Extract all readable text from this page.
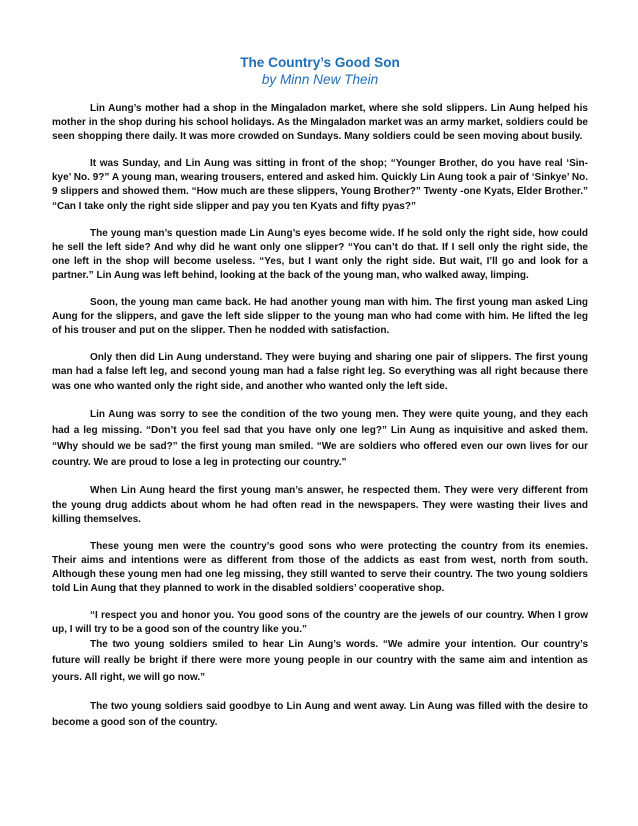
The Country’s Good Son
by Minn New Thein

Lin Aung’s mother had a shop in the Mingaladon market, where she sold slippers. Lin Aung helped his mother in the shop during his school holidays. As the Mingaladon market was an army market, soldiers could be seen shopping there daily. It was more crowded on Sundays. Many soldiers could be seen moving about busily.

It was Sunday, and Lin Aung was sitting in front of the shop; “Younger Brother, do you have real ‘Sin-kye’ No. 9?” A young man, wearing trousers, entered and asked him. Quickly Lin Aung took a pair of ‘Sinkye’ No. 9 slippers and showed them. “How much are these slippers, Young Brother?” Twenty -one Kyats, Elder Brother.” “Can I take only the right side slipper and pay you ten Kyats and fifty pyas?”

The young man’s question made Lin Aung’s eyes become wide. If he sold only the right side, how could he sell the left side? And why did he want only one slipper? “You can’t do that. If I sell only the right side, the one left in the shop will become useless. “Yes, but I want only the right side. But wait, I’ll go and look for a partner.” Lin Aung was left behind, looking at the back of the young man, who walked away, limping.

Soon, the young man came back. He had another young man with him. The first young man asked Ling Aung for the slippers, and gave the left side slipper to the young man who had come with him. He lifted the leg of his trouser and put on the slipper. Then he nodded with satisfaction.

Only then did Lin Aung understand. They were buying and sharing one pair of slippers. The first young man had a false left leg, and second young man had a false right leg. So everything was all right because there was one who wanted only the right side, and another who wanted only the left side.

Lin Aung was sorry to see the condition of the two young men. They were quite young, and they each had a leg missing. “Don’t you feel sad that you have only one leg?” Lin Aung as inquisitive and asked them. “Why should we be sad?” the first young man smiled. “We are soldiers who offered even our own lives for our country. We are proud to lose a leg in protecting our country.”

When Lin Aung heard the first young man’s answer, he respected them. They were very different from the young drug addicts about whom he had often read in the newspapers. They were wasting their lives and killing themselves.

These young men were the country’s good sons who were protecting the country from its enemies. Their aims and intentions were as different from those of the addicts as east from west, north from south. Although these young men had one leg missing, they still wanted to serve their country. The two young soldiers told Lin Aung that they planned to work in the disabled soldiers’ cooperative shop.

“I respect you and honor you. You good sons of the country are the jewels of our country. When I grow up, I will try to be a good son of the country like you.”

The two young soldiers smiled to hear Lin Aung’s words. “We admire your intention. Our country’s future will really be bright if there were more young people in our country with the same aim and intention as yours. All right, we will go now.”

The two young soldiers said goodbye to Lin Aung and went away. Lin Aung was filled with the desire to become a good son of the country.
